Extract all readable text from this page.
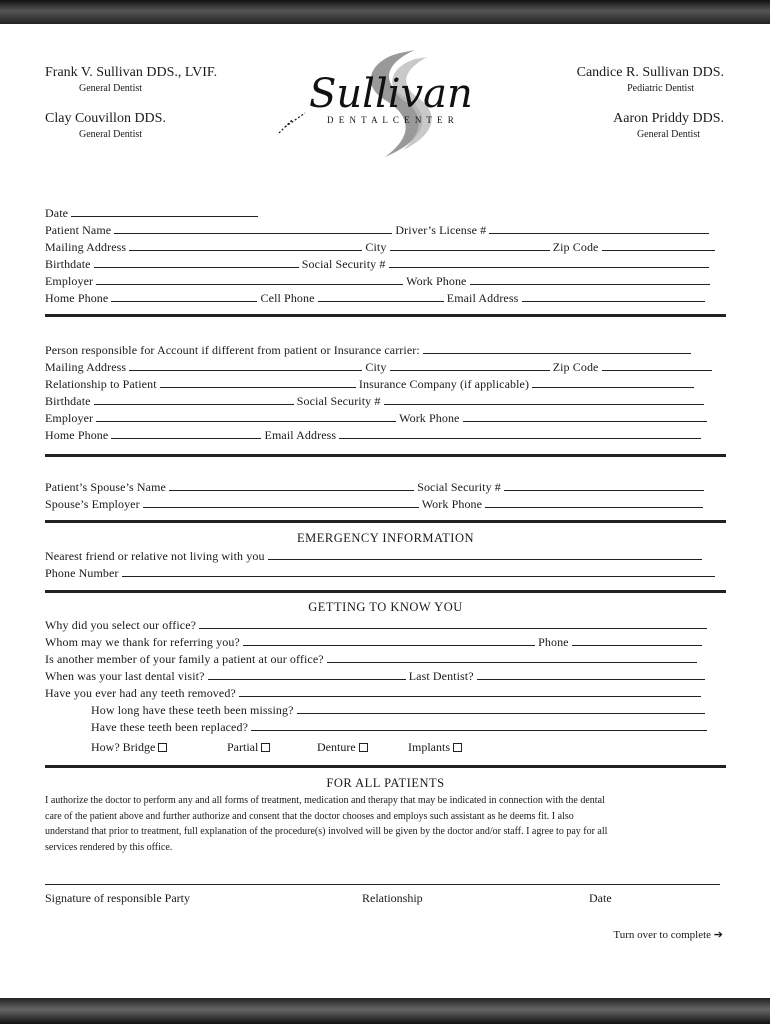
Frank V. Sullivan DDS., LVIF.
General Dentist
Clay Couvillon DDS.
General Dentist
Candice R. Sullivan DDS.
Pediatric Dentist
Aaron Priddy DDS.
General Dentist
Sullivan
D E N T A L C E N T E R
Date
Patient Name	Driver’s License #
Mailing Address	City	Zip Code
Birthdate	Social Security #
Employer	Work Phone
Home Phone	Cell Phone	Email Address
Person responsible for Account if different from patient or Insurance carrier:
Mailing Address	City	Zip Code
Relationship to Patient	Insurance Company (if applicable)
Birthdate	Social Security #
Employer	Work Phone
Home Phone	Email Address
Patient’s Spouse’s Name	Social Security #
Spouse’s Employer	Work Phone
EMERGENCY INFORMATION
Nearest friend or relative not living with you
Phone Number
GETTING TO KNOW YOU
Why did you select our office?
Whom may we thank for referring you?	Phone
Is another member of your family a patient at our office?
When was your last dental visit?	Last Dentist?
Have you ever had any teeth removed?
How long have these teeth been missing?
Have these teeth been replaced?
How? Bridge	Partial	Denture	Implants
FOR ALL PATIENTS
I authorize the doctor to perform any and all forms of treatment, medication and therapy that may be indicated in connection with the dental
care of the patient above and further authorize and consent that the doctor chooses and employs such assistant as he deems fit. I also
understand that prior to treatment, full explanation of the procedure(s) involved will be given by the doctor and/or staff. I agree to pay for all
services rendered by this office.
Signature of responsible Party	Relationship	Date
Turn over to complete ➔
